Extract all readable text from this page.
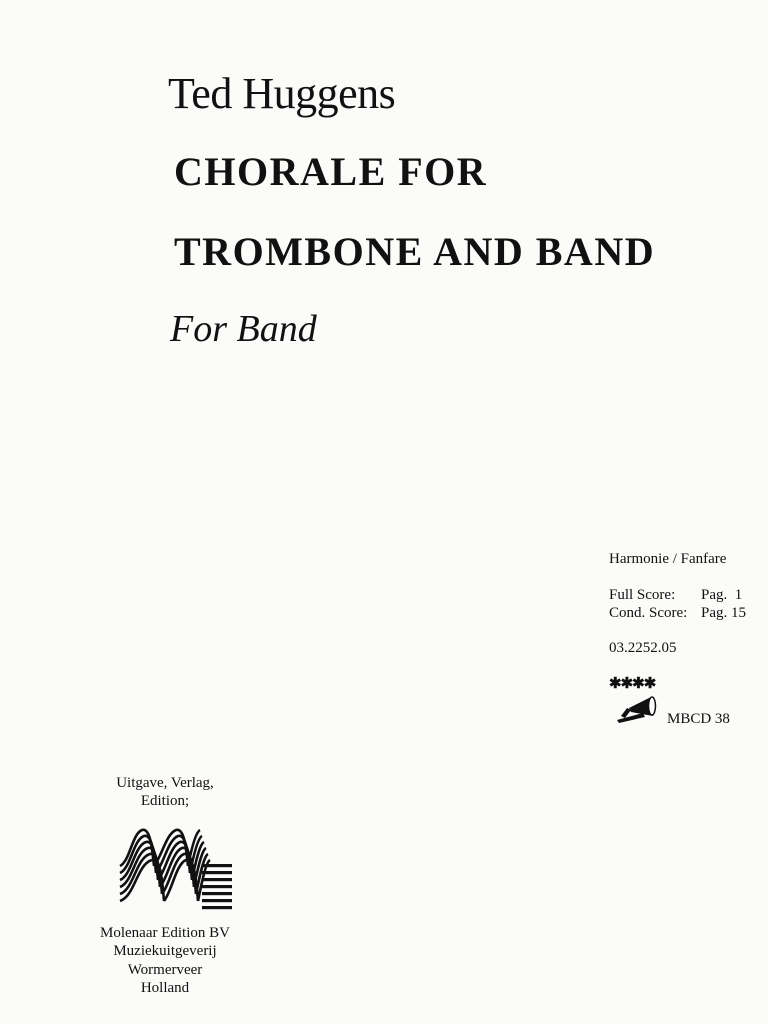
Ted Huggens
CHORALE FOR
TROMBONE AND BAND
For Band
Harmonie / Fanfare
Full Score: Pag.  1
Cond. Score: Pag. 15
03.2252.05
✱✱✱✱
MBCD 38
Uitgave, Verlag,
Edition;
Molenaar Edition BV
Muziekuitgeverij
Wormerveer
Holland
